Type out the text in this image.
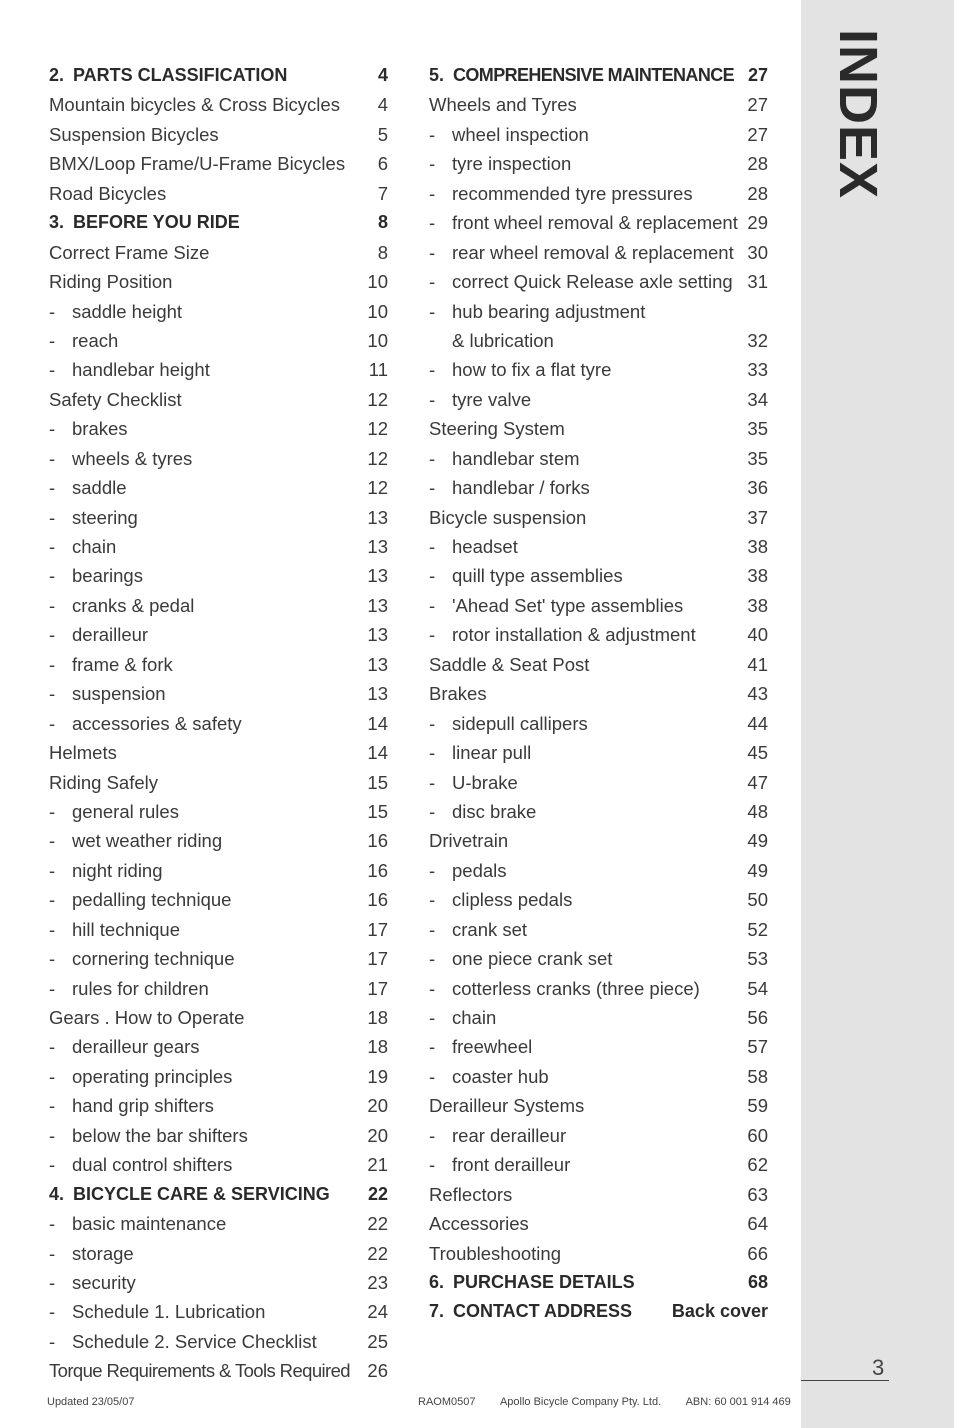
INDEX
3
2. PARTS CLASSIFICATION	4
Mountain bicycles & Cross Bicycles 4
Suspension Bicycles	5
BMX/Loop Frame/U-Frame Bicycles 6
Road Bicycles	7
3. BEFORE YOU RIDE	8
Correct Frame Size	8
Riding Position	10
- saddle height	10
- reach	10
- handlebar height	11
Safety Checklist	12
- brakes	12
- wheels & tyres	12
- saddle	12
- steering	13
- chain	13
- bearings	13
- cranks & pedal	13
- derailleur	13
- frame & fork	13
- suspension	13
- accessories & safety	14
Helmets	14
Riding Safely	15
- general rules	15
- wet weather riding	16
- night riding	16
- pedalling technique	16
- hill technique	17
- cornering technique	17
- rules for children	17
Gears . How to Operate	18
- derailleur gears	18
- operating principles	19
- hand grip shifters	20
- below the bar shifters	20
- dual control shifters	21
4. BICYCLE CARE & SERVICING 22
- basic maintenance	22
- storage	22
- security	23
- Schedule 1. Lubrication	24
- Schedule 2. Service Checklist	25
Torque Requirements & Tools Required 26
5. COMPREHENSIVE MAINTENANCE 27
Wheels and Tyres	27
- wheel inspection	27
- tyre inspection	28
- recommended tyre pressures	28
- front wheel removal & replacement 29
- rear wheel removal & replacement 30
- correct Quick Release axle setting 31
- hub bearing adjustment
& lubrication	32
- how to fix a flat tyre	33
- tyre valve	34
Steering System	35
- handlebar stem	35
- handlebar / forks	36
Bicycle suspension	37
- headset	38
- quill type assemblies	38
- 'Ahead Set' type assemblies	38
- rotor installation & adjustment	40
Saddle & Seat Post	41
Brakes	43
- sidepull callipers	44
- linear pull	45
- U-brake	47
- disc brake	48
Drivetrain	49
- pedals	49
- clipless pedals	50
- crank set	52
- one piece crank set	53
- cotterless cranks (three piece)	54
- chain	56
- freewheel	57
- coaster hub	58
Derailleur Systems	59
- rear derailleur	60
- front derailleur	62
Reflectors	63
Accessories	64
Troubleshooting	66
6. PURCHASE DETAILS	68
7. CONTACT ADDRESS Back cover
Updated 23/05/07	RAOM0507 Apollo Bicycle Company Pty. Ltd. ABN: 60 001 914 469
